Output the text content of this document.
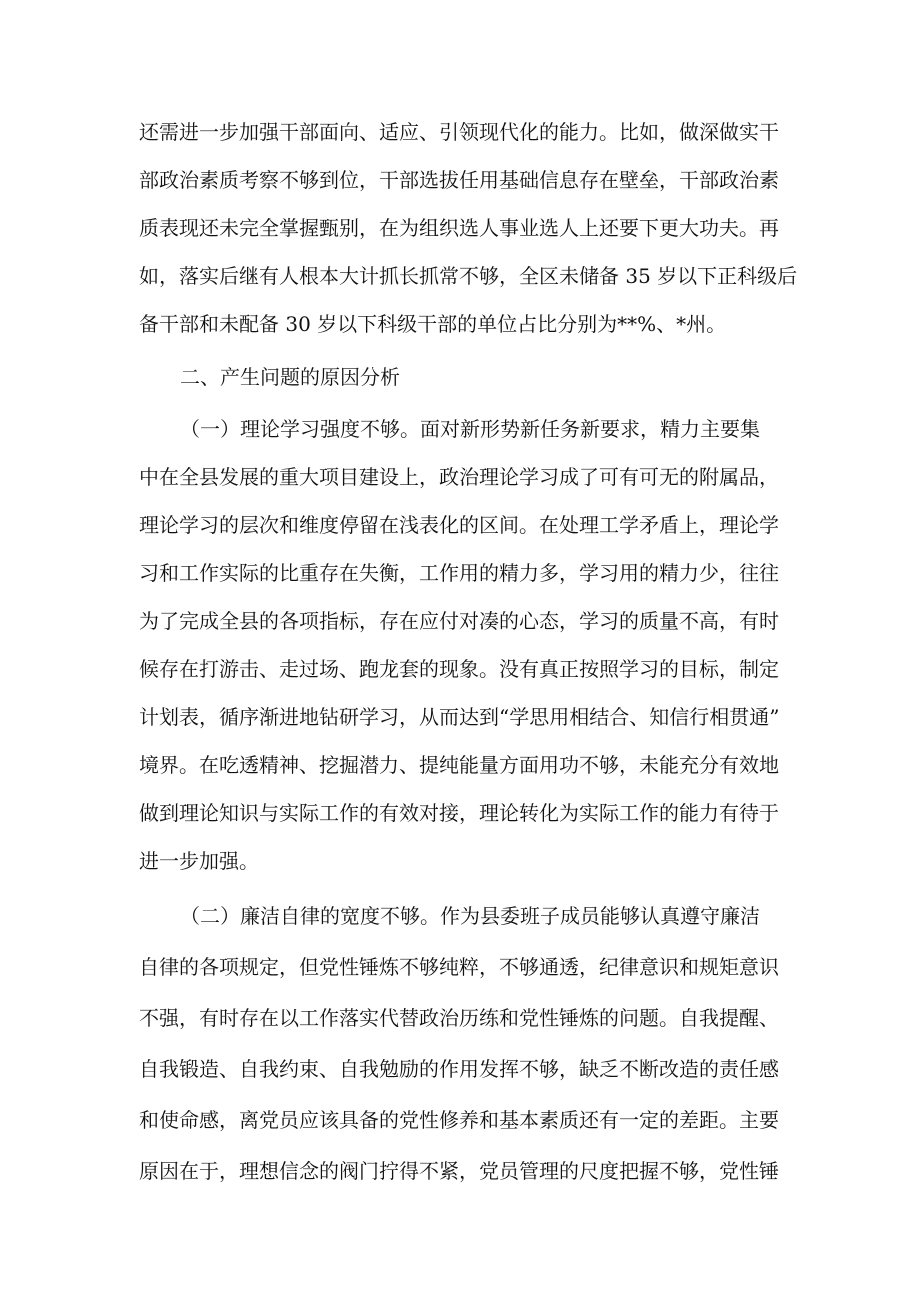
还需进一步加强干部面向、适应、引领现代化的能力。比如，做深做实干
部政治素质考察不够到位，干部选拔任用基础信息存在壁垒，干部政治素
质表现还未完全掌握甄别，在为组织选人事业选人上还要下更大功夫。再
如，落实后继有人根本大计抓长抓常不够，全区未储备 35 岁以下正科级后
备干部和未配备 30 岁以下科级干部的单位占比分别为**%、*州。
二、产生问题的原因分析
（一）理论学习强度不够。面对新形势新任务新要求，精力主要集
中在全县发展的重大项目建设上，政治理论学习成了可有可无的附属品，
理论学习的层次和维度停留在浅表化的区间。在处理工学矛盾上，理论学
习和工作实际的比重存在失衡，工作用的精力多，学习用的精力少，往往
为了完成全县的各项指标，存在应付对凑的心态，学习的质量不高，有时
候存在打游击、走过场、跑龙套的现象。没有真正按照学习的目标，制定
计划表，循序渐进地钻研学习，从而达到“学思用相结合、知信行相贯通”
境界。在吃透精神、挖掘潜力、提纯能量方面用功不够，未能充分有效地
做到理论知识与实际工作的有效对接，理论转化为实际工作的能力有待于
进一步加强。
（二）廉洁自律的宽度不够。作为县委班子成员能够认真遵守廉洁
自律的各项规定，但党性锤炼不够纯粹，不够通透，纪律意识和规矩意识
不强，有时存在以工作落实代替政治历练和党性锤炼的问题。自我提醒、
自我锻造、自我约束、自我勉励的作用发挥不够，缺乏不断改造的责任感
和使命感，离党员应该具备的党性修养和基本素质还有一定的差距。主要
原因在于，理想信念的阀门拧得不紧，党员管理的尺度把握不够，党性锤
